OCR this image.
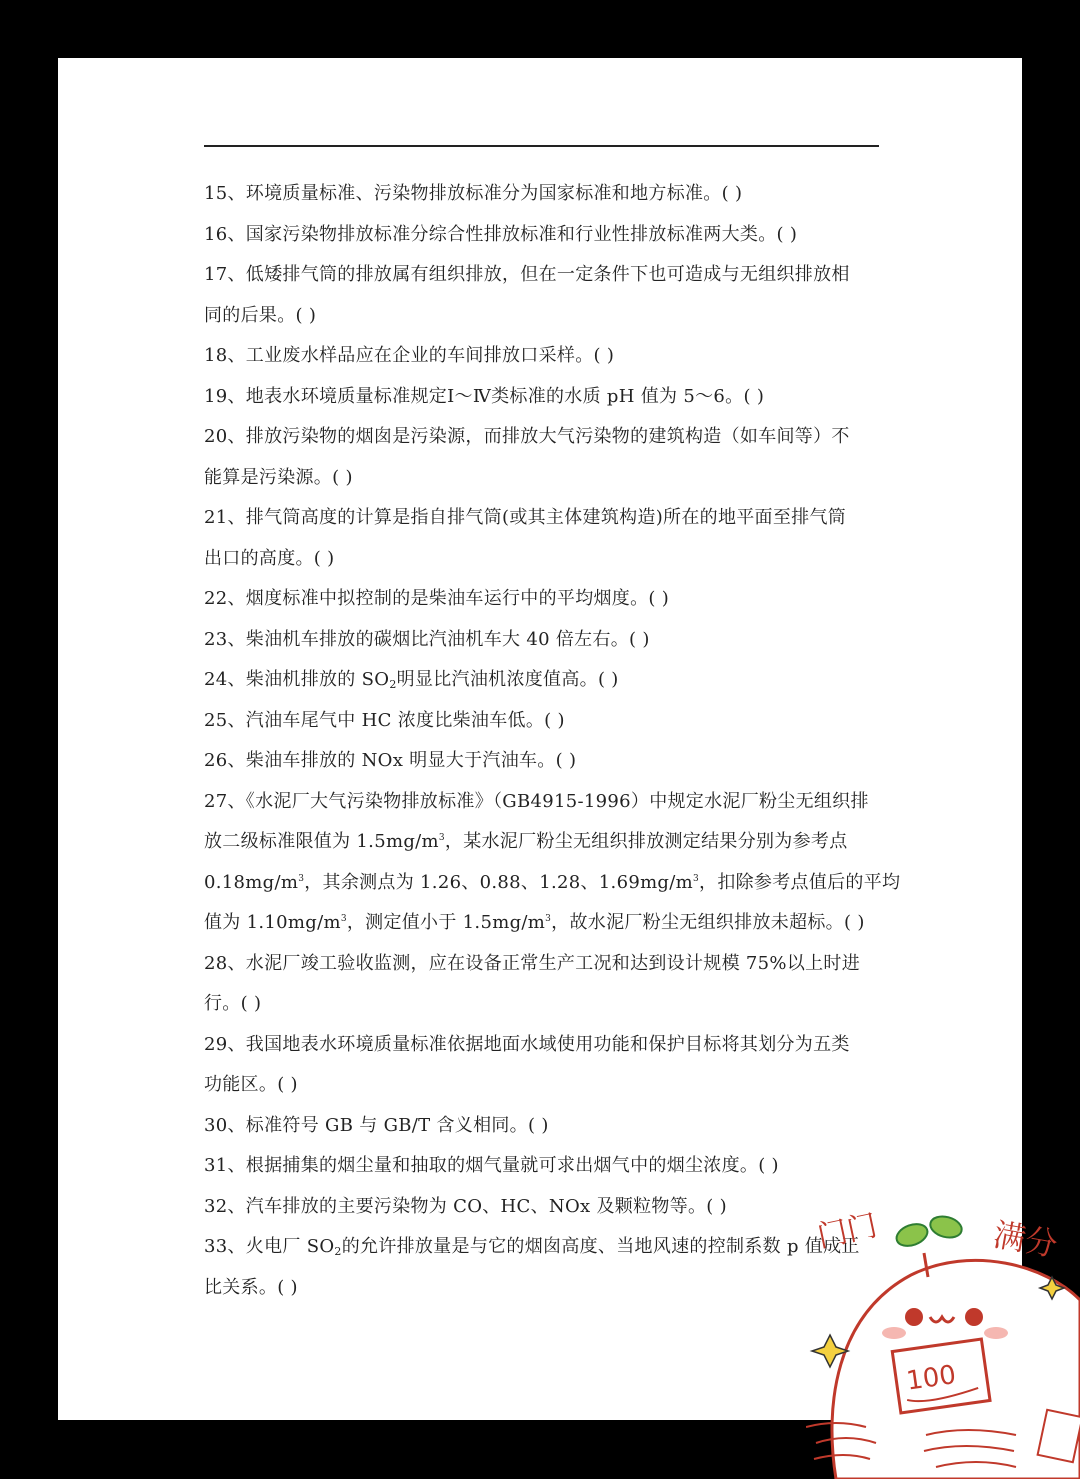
15、环境质量标准、污染物排放标准分为国家标准和地方标准。( )
16、国家污染物排放标准分综合性排放标准和行业性排放标准两大类。( )
17、低矮排气筒的排放属有组织排放，但在一定条件下也可造成与无组织排放相
同的后果。( )
18、工业废水样品应在企业的车间排放口采样。( )
19、地表水环境质量标准规定Ⅰ～Ⅳ类标准的水质 pH 值为 5～6。( )
20、排放污染物的烟囱是污染源，而排放大气污染物的建筑构造（如车间等）不
能算是污染源。( )
21、排气筒高度的计算是指自排气筒(或其主体建筑构造)所在的地平面至排气筒
出口的高度。( )
22、烟度标准中拟控制的是柴油车运行中的平均烟度。( )
23、柴油机车排放的碳烟比汽油机车大 40 倍左右。( )
24、柴油机排放的 $SO_2$明显比汽油机浓度值高。( )
25、汽油车尾气中 HC 浓度比柴油车低。( )
26、柴油车排放的 NOx 明显大于汽油车。( )
27、《水泥厂大气污染物排放标准》（GB4915-1996）中规定水泥厂粉尘无组织排
放二级标准限值为 $1.5mg/m^3$，某水泥厂粉尘无组织排放测定结果分别为参考点
$0.18mg/m^3$，其余测点为 1.26、0.88、1.28、$1.69mg/m^3$，扣除参考点值后的平均
值为 $1.10mg/m^3$，测定值小于 $1.5mg/m^3$，故水泥厂粉尘无组织排放未超标。( )
28、水泥厂竣工验收监测，应在设备正常生产工况和达到设计规模 75%以上时进
行。( )
29、我国地表水环境质量标准依据地面水域使用功能和保护目标将其划分为五类
功能区。( )
30、标准符号 GB 与 GB/T 含义相同。( )
31、根据捕集的烟尘量和抽取的烟气量就可求出烟气中的烟尘浓度。( )
32、汽车排放的主要污染物为 CO、HC、NOx 及颗粒物等。( )
33、火电厂 $SO_2$的允许排放量是与它的烟囱高度、当地风速的控制系数 p 值成正
比关系。( )
门门	满分
100
